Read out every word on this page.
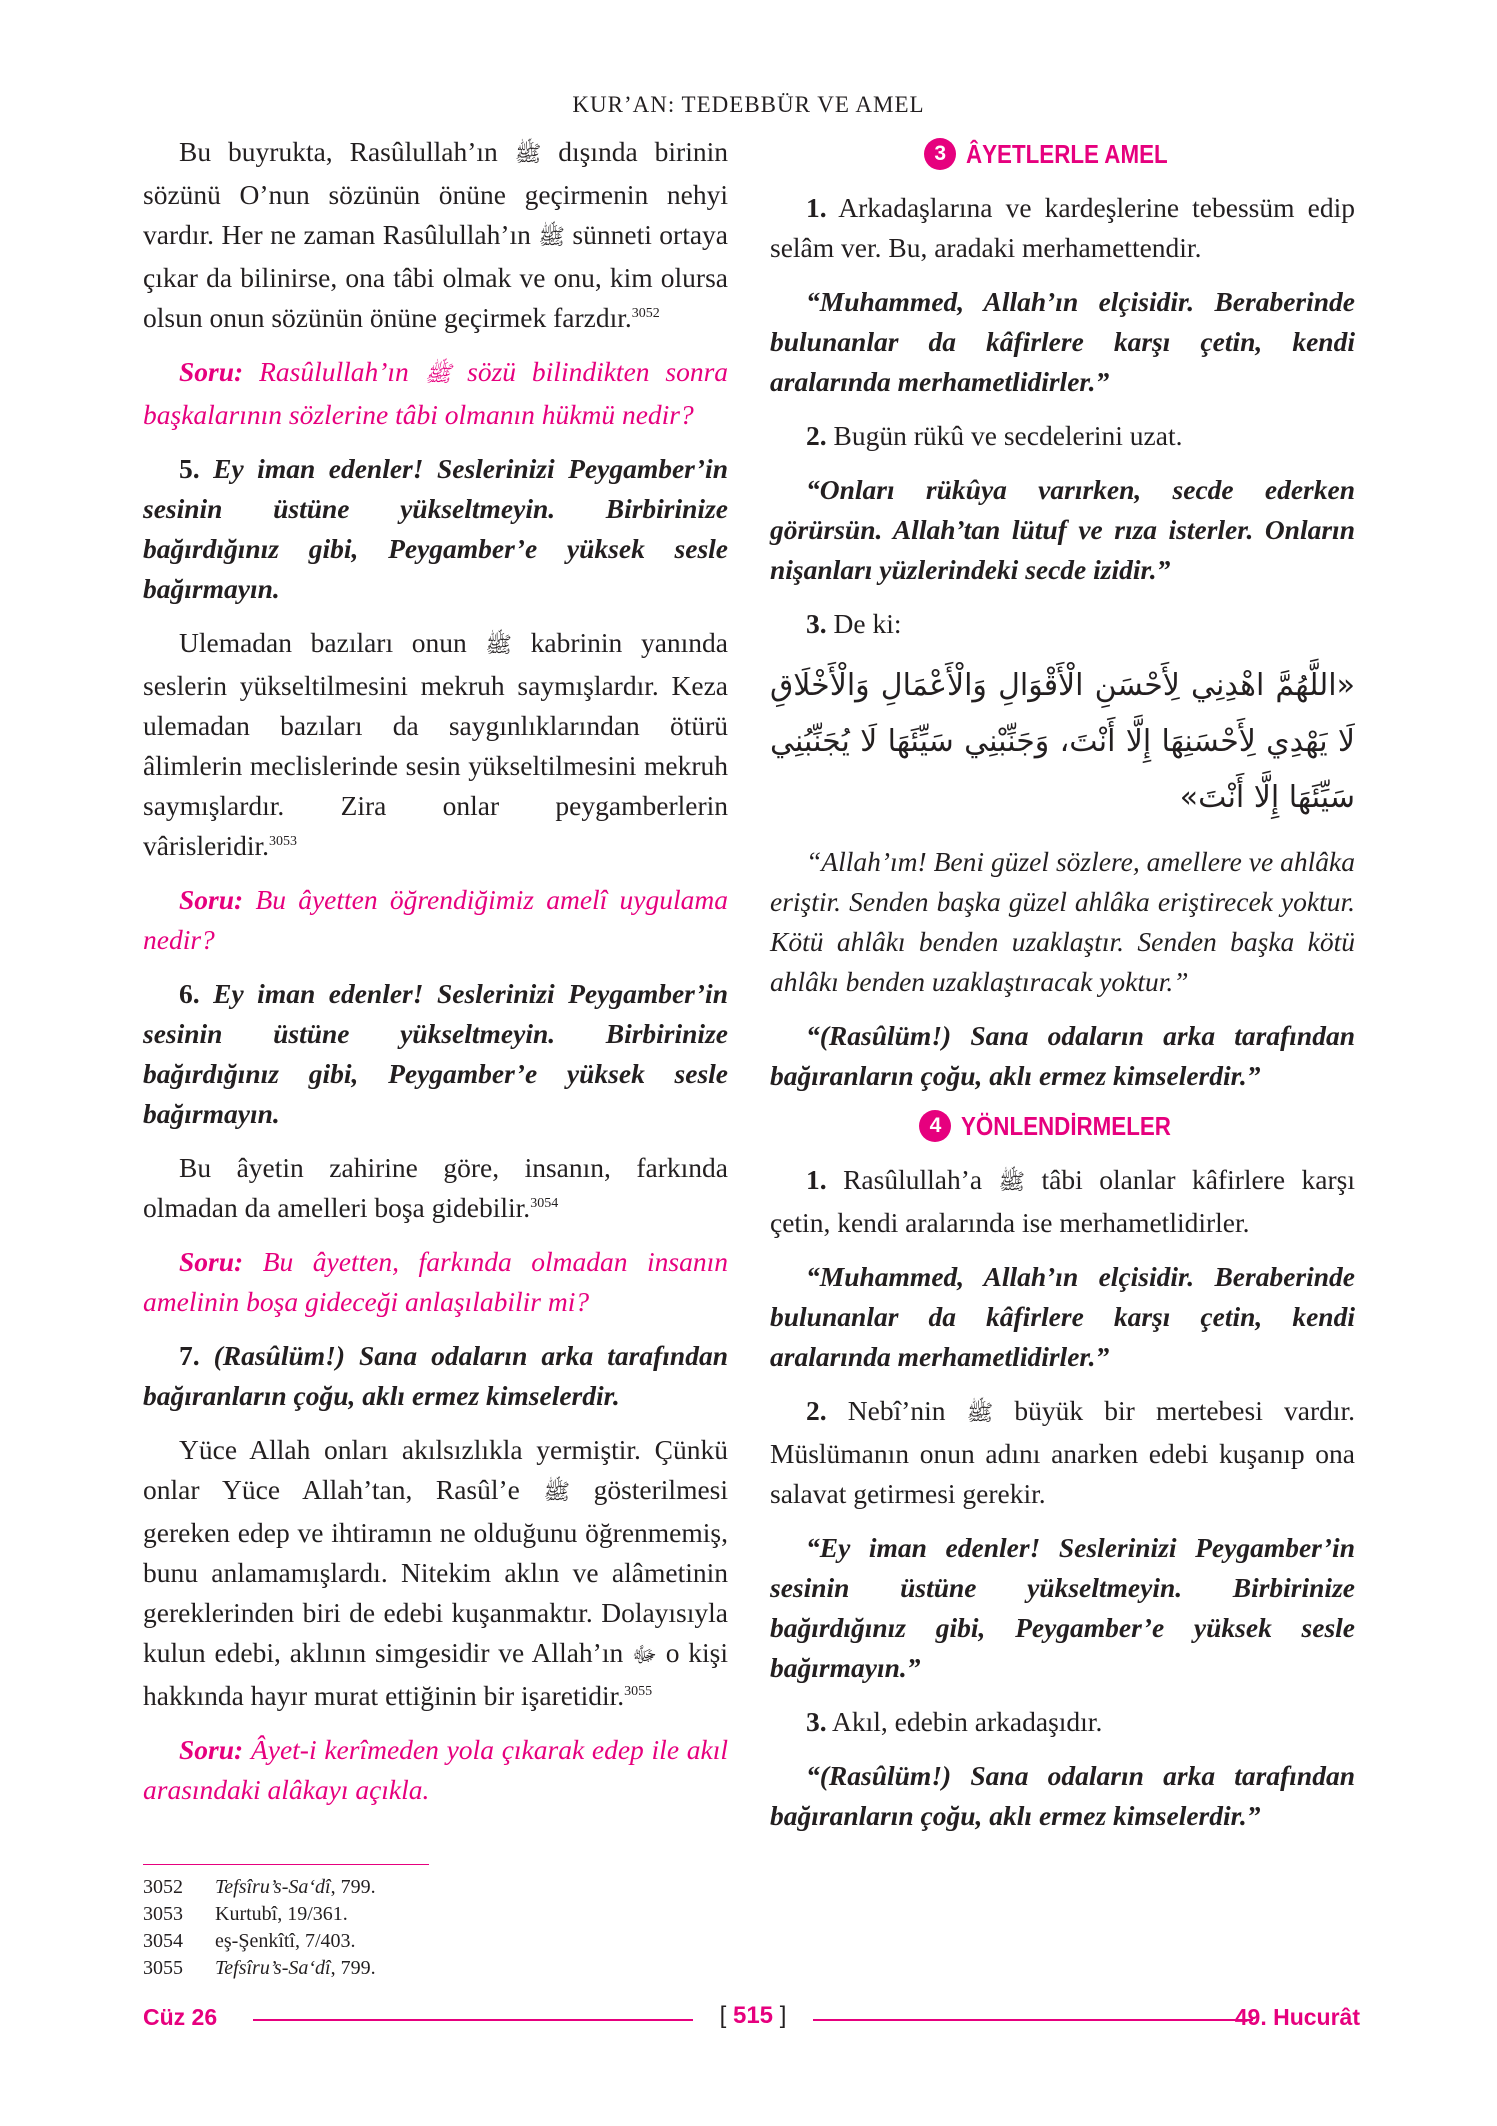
KUR’AN: TEDEBBÜR VE AMEL

Bu buyrukta, Rasûlullah’ın ﷺ dışında birinin sözünü O’nun sözünün önüne geçirmenin nehyi vardır. Her ne zaman Rasûlullah’ın ﷺ sünneti ortaya çıkar da bilinirse, ona tâbi olmak ve onu, kim olursa olsun onun sözünün önüne geçirmek farzdır.$^{3052}$

Soru: Rasûlullah’ın ﷺ sözü bilindikten sonra başkalarının sözlerine tâbi olmanın hükmü nedir?

5. Ey iman edenler! Seslerinizi Peygamber’in sesinin üstüne yükseltmeyin. Birbirinize bağırdığınız gibi, Peygamber’e yüksek sesle bağırmayın.

Ulemadan bazıları onun ﷺ kabrinin yanında seslerin yükseltilmesini mekruh saymışlardır. Keza ulemadan bazıları da saygınlıklarından ötürü âlimlerin meclislerinde sesin yükseltilmesini mekruh saymışlardır. Zira onlar peygamberlerin vârisleridir.$^{3053}$

Soru: Bu âyetten öğrendiğimiz amelî uygulama nedir?

6. Ey iman edenler! Seslerinizi Peygamber’in sesinin üstüne yükseltmeyin. Birbirinize bağırdığınız gibi, Peygamber’e yüksek sesle bağırmayın.

Bu âyetin zahirine göre, insanın, farkında olmadan da amelleri boşa gidebilir.$^{3054}$

Soru: Bu âyetten, farkında olmadan insanın amelinin boşa gideceği anlaşılabilir mi?

7. (Rasûlüm!) Sana odaların arka tarafından bağıranların çoğu, aklı ermez kimselerdir.

Yüce Allah onları akılsızlıkla yermiştir. Çünkü onlar Yüce Allah’tan, Rasûl’e ﷺ gösterilmesi gereken edep ve ihtiramın ne olduğunu öğrenmemiş, bunu anlamamışlardı. Nitekim aklın ve alâmetinin gereklerinden biri de edebi kuşanmaktır. Dolayısıyla kulun edebi, aklının simgesidir ve Allah’ın ﷻ o kişi hakkında hayır murat ettiğinin bir işaretidir.$^{3055}$

Soru: Âyet-i kerîmeden yola çıkarak edep ile akıl arasındaki alâkayı açıkla.

3 ÂYETLERLE AMEL

1. Arkadaşlarına ve kardeşlerine tebessüm edip selâm ver. Bu, aradaki merhamettendir.

“Muhammed, Allah’ın elçisidir. Beraberinde bulunanlar da kâfirlere karşı çetin, kendi aralarında merhametlidirler.”

2. Bugün rükû ve secdelerini uzat.

“Onları rükûya varırken, secde ederken görürsün. Allah’tan lütuf ve rıza isterler. Onların nişanları yüzlerindeki secde izidir.”

3. De ki:

«اللَّهُمَّ اهْدِنِي لِأَحْسَنِ الْأَقْوَالِ وَالْأَعْمَالِ وَالْأَخْلَاقِ لَا يَهْدِي لِأَحْسَنِهَا إِلَّا أَنْتَ، وَجَنِّبْنِي سَيِّئَهَا لَا يُجَنِّبُنِي سَيِّئَهَا إِلَّا أَنْتَ»

“Allah’ım! Beni güzel sözlere, amellere ve ahlâka eriştir. Senden başka güzel ahlâka eriştirecek yoktur. Kötü ahlâkı benden uzaklaştır. Senden başka kötü ahlâkı benden uzaklaştıracak yoktur.”

“(Rasûlüm!) Sana odaların arka tarafından bağıranların çoğu, aklı ermez kimselerdir.”

4 YÖNLENDİRMELER

1. Rasûlullah’a ﷺ tâbi olanlar kâfirlere karşı çetin, kendi aralarında ise merhametlidirler.

“Muhammed, Allah’ın elçisidir. Beraberinde bulunanlar da kâfirlere karşı çetin, kendi aralarında merhametlidirler.”

2. Nebî’nin ﷺ büyük bir mertebesi vardır. Müslümanın onun adını anarken edebi kuşanıp ona salavat getirmesi gerekir.

“Ey iman edenler! Seslerinizi Peygamber’in sesinin üstüne yükseltmeyin. Birbirinize bağırdığınız gibi, Peygamber’e yüksek sesle bağırmayın.”

3. Akıl, edebin arkadaşıdır.

“(Rasûlüm!) Sana odaların arka tarafından bağıranların çoğu, aklı ermez kimselerdir.”

3052	Tefsîru’s-Sa‘dî, 799.
3053	Kurtubî, 19/361.
3054	eş-Şenkîtî, 7/403.
3055	Tefsîru’s-Sa‘dî, 799.
Cüz 26	[ 515 ]	49. Hucurât
